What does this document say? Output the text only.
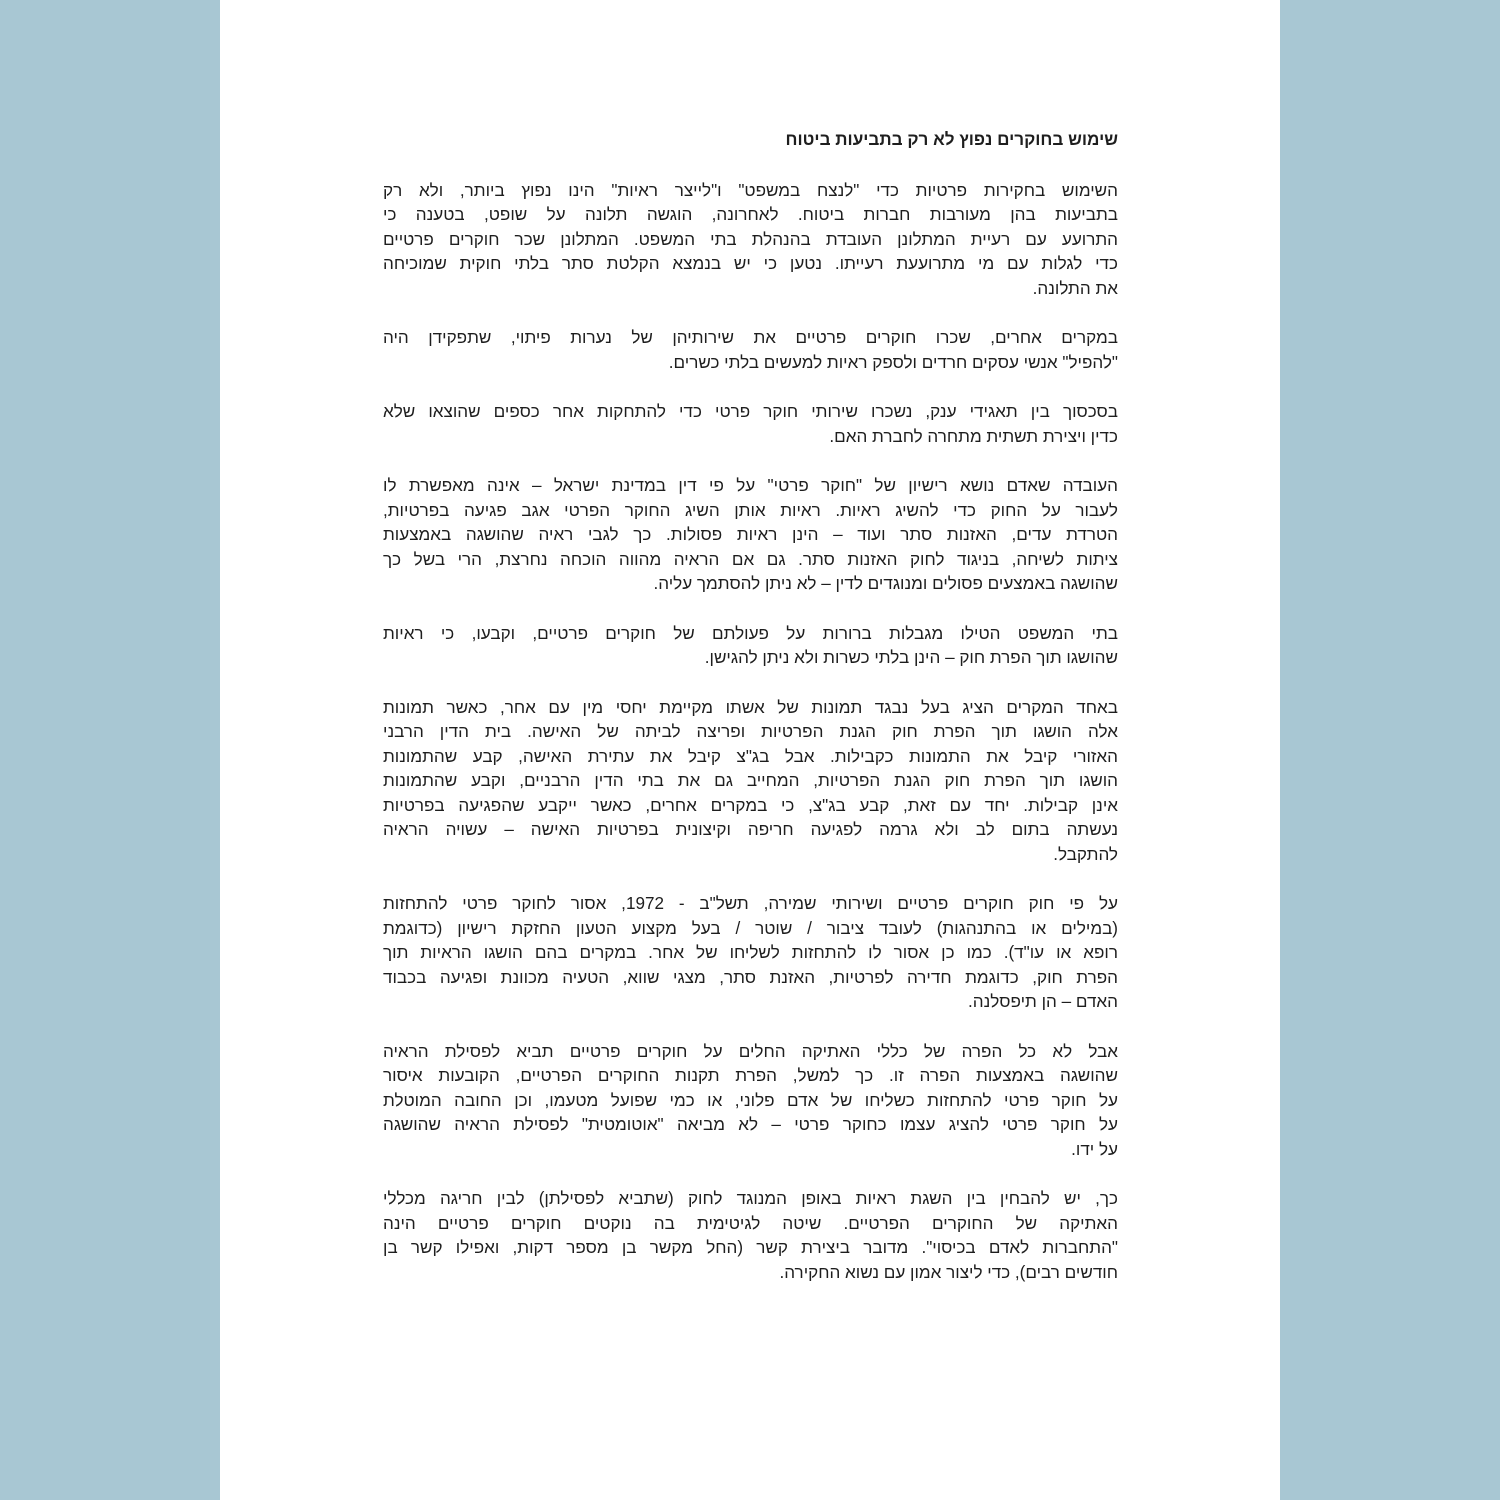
שימוש בחוקרים נפוץ לא רק בתביעות ביטוח
השימוש בחקירות פרטיות כדי "לנצח במשפט" ו"לייצר ראיות" הינו נפוץ ביותר, ולא רק
בתביעות בהן מעורבות חברות ביטוח. לאחרונה, הוגשה תלונה על שופט, בטענה כי
התרועע עם רעיית המתלונן העובדת בהנהלת בתי המשפט. המתלונן שכר חוקרים פרטיים
כדי לגלות עם מי מתרועעת רעייתו. נטען כי יש בנמצא הקלטת סתר בלתי חוקית שמוכיחה
את התלונה.
במקרים אחרים, שכרו חוקרים פרטיים את שירותיהן של נערות פיתוי, שתפקידן היה
"להפיל" אנשי עסקים חרדים ולספק ראיות למעשים בלתי כשרים.
בסכסוך בין תאגידי ענק, נשכרו שירותי חוקר פרטי כדי להתחקות אחר כספים שהוצאו שלא
כדין ויצירת תשתית מתחרה לחברת האם.
העובדה שאדם נושא רישיון של "חוקר פרטי" על פי דין במדינת ישראל – אינה מאפשרת לו
לעבור על החוק כדי להשיג ראיות. ראיות אותן השיג החוקר הפרטי אגב פגיעה בפרטיות,
הטרדת עדים, האזנות סתר ועוד – הינן ראיות פסולות. כך לגבי ראיה שהושגה באמצעות
ציתות לשיחה, בניגוד לחוק האזנות סתר. גם אם הראיה מהווה הוכחה נחרצת, הרי בשל כך
שהושגה באמצעים פסולים ומנוגדים לדין – לא ניתן להסתמך עליה.
בתי המשפט הטילו מגבלות ברורות על פעולתם של חוקרים פרטיים, וקבעו, כי ראיות
שהושגו תוך הפרת חוק – הינן בלתי כשרות ולא ניתן להגישן.
באחד המקרים הציג בעל נבגד תמונות של אשתו מקיימת יחסי מין עם אחר, כאשר תמונות
אלה הושגו תוך הפרת חוק הגנת הפרטיות ופריצה לביתה של האישה. בית הדין הרבני
האזורי קיבל את התמונות כקבילות. אבל בג"צ קיבל את עתירת האישה, קבע שהתמונות
הושגו תוך הפרת חוק הגנת הפרטיות, המחייב גם את בתי הדין הרבניים, וקבע שהתמונות
אינן קבילות. יחד עם זאת, קבע בג"צ, כי במקרים אחרים, כאשר ייקבע שהפגיעה בפרטיות
נעשתה בתום לב ולא גרמה לפגיעה חריפה וקיצונית בפרטיות האישה – עשויה הראיה
להתקבל.
על פי חוק חוקרים פרטיים ושירותי שמירה, תשל"ב - 1972, אסור לחוקר פרטי להתחזות
(במילים או בהתנהגות) לעובד ציבור / שוטר / בעל מקצוע הטעון החזקת רישיון (כדוגמת
רופא או עו"ד). כמו כן אסור לו להתחזות לשליחו של אחר. במקרים בהם הושגו הראיות תוך
הפרת חוק, כדוגמת חדירה לפרטיות, האזנת סתר, מצגי שווא, הטעיה מכוונת ופגיעה בכבוד
האדם – הן תיפסלנה.
אבל לא כל הפרה של כללי האתיקה החלים על חוקרים פרטיים תביא לפסילת הראיה
שהושגה באמצעות הפרה זו. כך למשל, הפרת תקנות החוקרים הפרטיים, הקובעות איסור
על חוקר פרטי להתחזות כשליחו של אדם פלוני, או כמי שפועל מטעמו, וכן החובה המוטלת
על חוקר פרטי להציג עצמו כחוקר פרטי – לא מביאה "אוטומטית" לפסילת הראיה שהושגה
על ידו.
כך, יש להבחין בין השגת ראיות באופן המנוגד לחוק (שתביא לפסילתן) לבין חריגה מכללי
האתיקה של החוקרים הפרטיים. שיטה לגיטימית בה נוקטים חוקרים פרטיים הינה
"התחברות לאדם בכיסוי". מדובר ביצירת קשר (החל מקשר בן מספר דקות, ואפילו קשר בן
חודשים רבים), כדי ליצור אמון עם נשוא החקירה.
